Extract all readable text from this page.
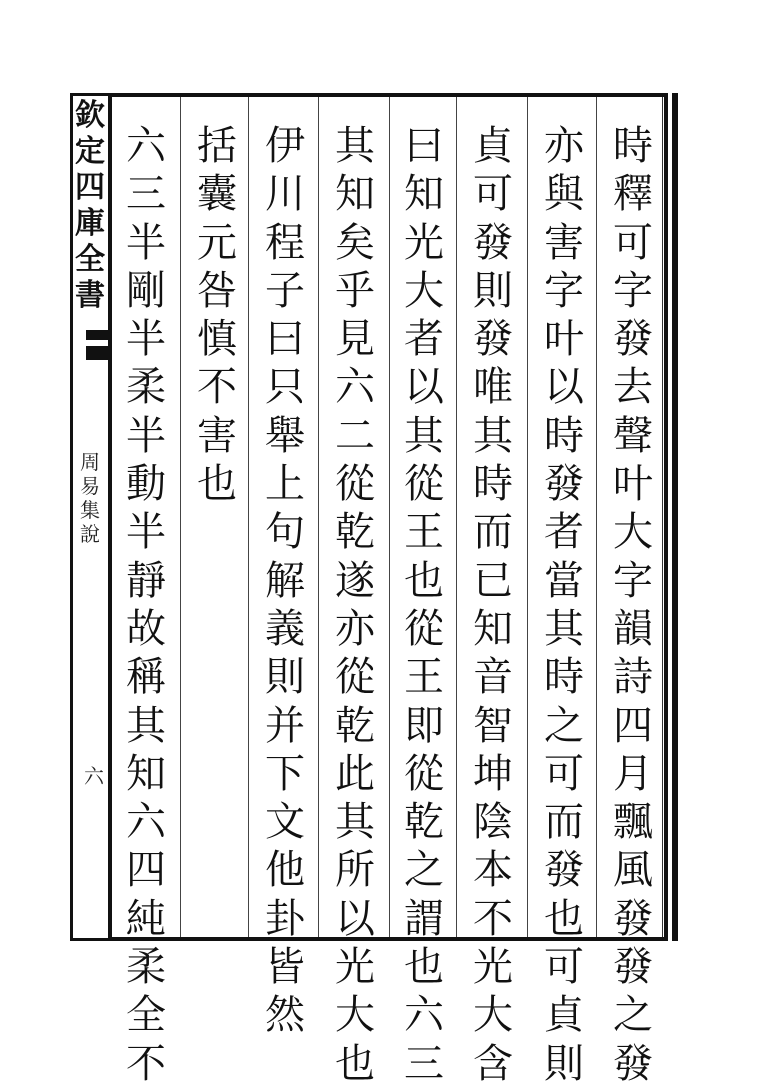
欽
定
四
庫
全
書
周
易
集
說
六
時
釋
可
字
發
去
聲
叶
大
字
韻
詩
四
月
飄
風
發
發
之
發
亦
與
害
字
叶
以
時
發
者
當
其
時
之
可
而
發
也
可
貞
則
貞
可
發
則
發
唯
其
時
而
已
知
音
智
坤
陰
本
不
光
大
含
曰
知
光
大
者
以
其
從
王
也
從
王
即
從
乾
之
謂
也
六
三
其
知
矣
乎
見
六
二
從
乾
遂
亦
從
乾
此
其
所
以
光
大
也
伊
川
程
子
曰
只
舉
上
句
解
義
則
并
下
文
他
卦
皆
然
括
囊
元
咎
慎
不
害
也
六
三
半
剛
半
柔
半
動
半
靜
故
稱
其
知
六
四
純
柔
全
不
